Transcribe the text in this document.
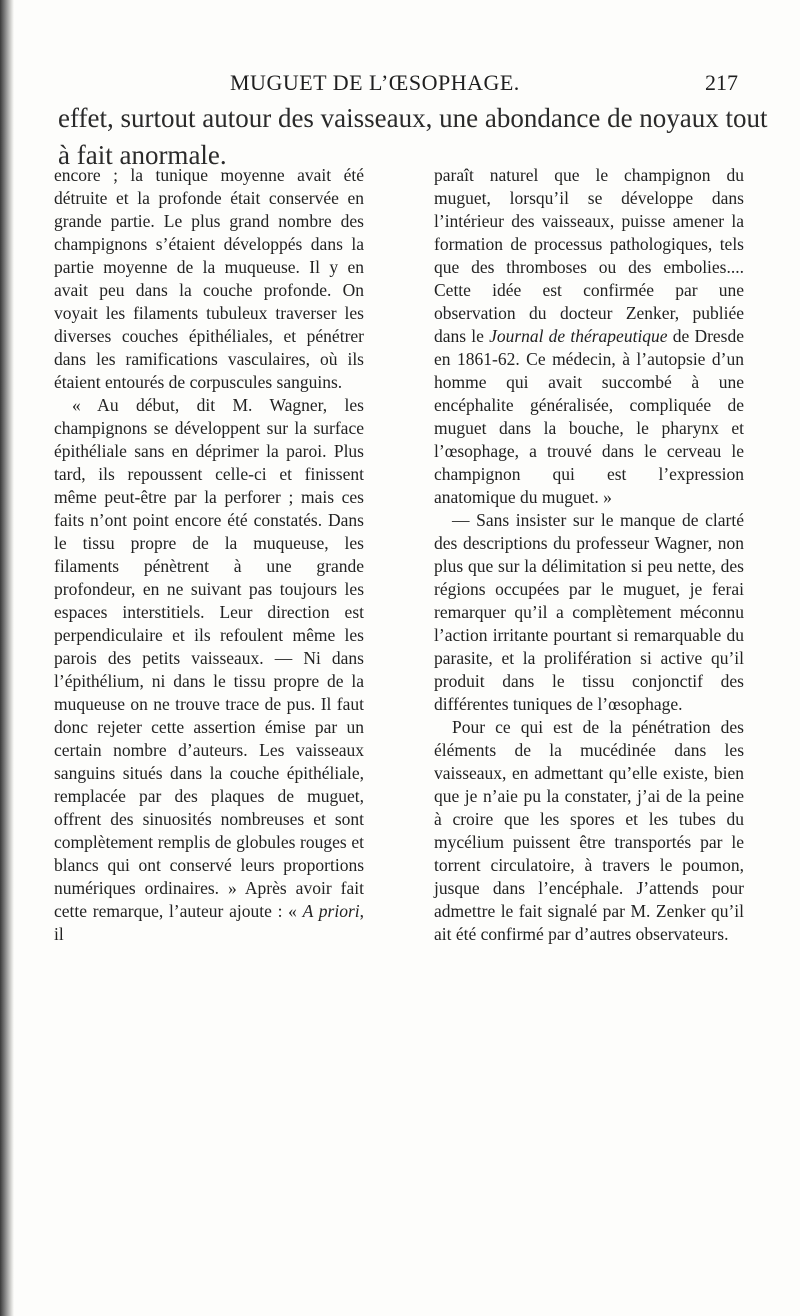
MUGUET DE L’ŒSOPHAGE.	217
effet, surtout autour des vaisseaux, une abondance de noyaux tout à fait anormale.

encore ; la tunique moyenne avait été détruite et la profonde était conservée en grande partie. Le plus grand nombre des champignons s’étaient développés dans la partie moyenne de la muqueuse. Il y en avait peu dans la couche profonde. On voyait les filaments tubuleux traverser les diverses couches épithéliales, et pénétrer dans les ramifications vasculaires, où ils étaient entourés de corpuscules sanguins.

« Au début, dit M. Wagner, les champignons se développent sur la surface épithéliale sans en déprimer la paroi. Plus tard, ils repoussent celle-ci et finissent même peut-être par la perforer ; mais ces faits n’ont point encore été constatés. Dans le tissu propre de la muqueuse, les filaments pénètrent à une grande profondeur, en ne suivant pas toujours les espaces interstitiels. Leur direction est perpendiculaire et ils refoulent même les parois des petits vaisseaux. — Ni dans l’épithélium, ni dans le tissu propre de la muqueuse on ne trouve trace de pus. Il faut donc rejeter cette assertion émise par un certain nombre d’auteurs. Les vaisseaux sanguins situés dans la couche épithéliale, remplacée par des plaques de muguet, offrent des sinuosités nombreuses et sont complètement remplis de globules rouges et blancs qui ont conservé leurs proportions numériques ordinaires. » Après avoir fait cette remarque, l’auteur ajoute : « A priori, il

paraît naturel que le champignon du muguet, lorsqu’il se développe dans l’intérieur des vaisseaux, puisse amener la formation de processus pathologiques, tels que des thromboses ou des embolies.... Cette idée est confirmée par une observation du docteur Zenker, publiée dans le Journal de thérapeutique de Dresde en 1861-62. Ce médecin, à l’autopsie d’un homme qui avait succombé à une encéphalite généralisée, compliquée de muguet dans la bouche, le pharynx et l’œsophage, a trouvé dans le cerveau le champignon qui est l’expression anatomique du muguet. »

— Sans insister sur le manque de clarté des descriptions du professeur Wagner, non plus que sur la délimitation si peu nette, des régions occupées par le muguet, je ferai remarquer qu’il a complètement méconnu l’action irritante pourtant si remarquable du parasite, et la prolifération si active qu’il produit dans le tissu conjonctif des différentes tuniques de l’œsophage.

Pour ce qui est de la pénétration des éléments de la mucédinée dans les vaisseaux, en admettant qu’elle existe, bien que je n’aie pu la constater, j’ai de la peine à croire que les spores et les tubes du mycélium puissent être transportés par le torrent circulatoire, à travers le poumon, jusque dans l’encéphale. J’attends pour admettre le fait signalé par M. Zenker qu’il ait été confirmé par d’autres observateurs.
